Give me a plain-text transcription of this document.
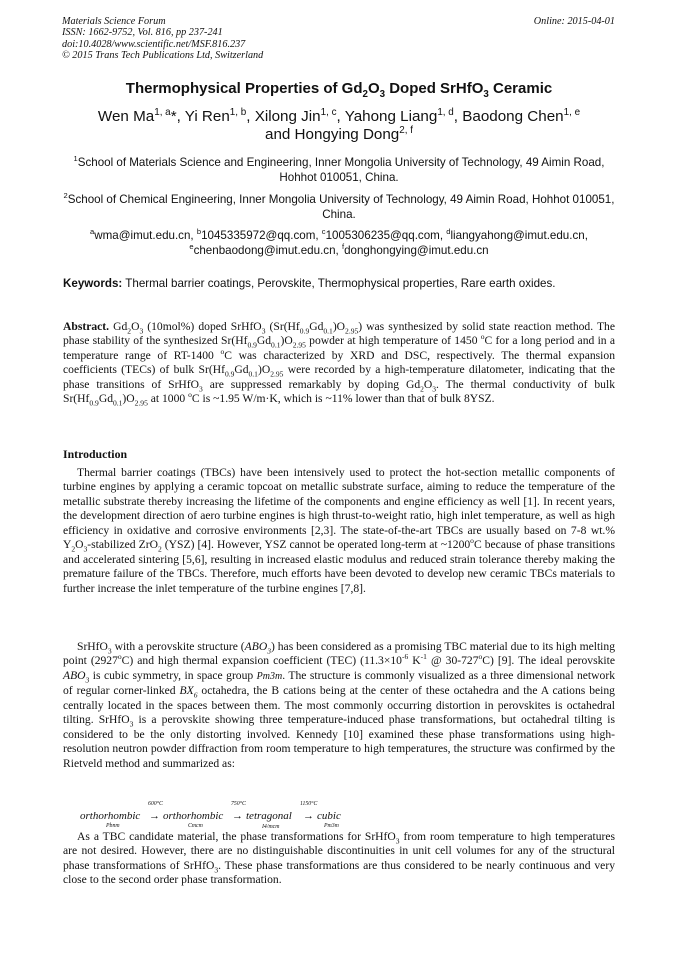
Materials Science Forum
ISSN: 1662-9752, Vol. 816, pp 237-241
doi:10.4028/www.scientific.net/MSF.816.237
© 2015 Trans Tech Publications Ltd, Switzerland
Online: 2015-04-01
Thermophysical Properties of $Gd_2O_3$ Doped SrHfO$_3$ Ceramic
Wen Ma$^{1, a}$*, Yi Ren$^{1, b}$, Xilong Jin$^{1, c}$, Yahong Liang$^{1, d}$, Baodong Chen$^{1, e}$
and Hongying Dong$^{2, f}$
$^1$School of Materials Science and Engineering, Inner Mongolia University of Technology, 49 Aimin Road, Hohhot 010051, China.
$^2$School of Chemical Engineering, Inner Mongolia University of Technology, 49 Aimin Road, Hohhot 010051, China.
$^a$wma@imut.edu.cn, $^b$1045335972@qq.com, $^c$1005306235@qq.com, $^d$liangyahong@imut.edu.cn,
$^e$chenbaodong@imut.edu.cn, $^f$donghongying@imut.edu.cn
Keywords: Thermal barrier coatings, Perovskite, Thermophysical properties, Rare earth oxides.

Abstract. $Gd_2O_3$ (10mol%) doped SrHfO$_3$ $(Sr(Hf_{0.9}Gd_{0.1})O_{2.95})$ was synthesized by solid state reaction method. The phase stability of the synthesized $Sr(Hf_{0.9}Gd_{0.1})O_{2.95}$ powder at high temperature of 1450 $^o$C for a long period and in a temperature range of RT-1400 $^o$C was characterized by XRD and DSC, respectively. The thermal expansion coefficients (TECs) of bulk $Sr(Hf_{0.9}Gd_{0.1})O_{2.95}$ were recorded by a high-temperature dilatometer, indicating that the phase transitions of SrHfO$_3$ are suppressed remarkably by doping $Gd_2O_3$. The thermal conductivity of bulk $Sr(Hf_{0.9}Gd_{0.1})O_{2.95}$ at 1000 $^o$C is ~1.95 W/m·K, which is ~11% lower than that of bulk 8YSZ.

Introduction

Thermal barrier coatings (TBCs) have been intensively used to protect the hot-section metallic components of turbine engines by applying a ceramic topcoat on metallic substrate surface, aiming to reduce the temperature of the metallic substrate thereby increasing the lifetime of the components and engine efficiency as well [1]. In recent years, the development direction of aero turbine engines is high thrust-to-weight ratio, high inlet temperature, as well as high efficiency in oxidative and corrosive environments [2,3]. The state-of-the-art TBCs are usually based on 7-8 wt.% $Y_2O_3$-stabilized ZrO$_2$ (YSZ) [4]. However, YSZ cannot be operated long-term at ~1200$^o$C because of phase transitions and accelerated sintering [5,6], resulting in increased elastic modulus and reduced strain tolerance thereby making the premature failure of the TBCs. Therefore, much efforts have been devoted to develop new ceramic TBCs materials to further increase the inlet temperature of the turbine engines [7,8].

SrHfO$_3$ with a perovskite structure $(ABO_3)$ has been considered as a promising TBC material due to its high melting point (2927$^o$C) and high thermal expansion coefficient (TEC) ($11.3\times 10^{-6}$ $K^{-1}$ @ 30-727$^o$C) [9]. The ideal perovskite $ABO_3$ is cubic symmetry, in space group Pm3m. The structure is commonly visualized as a three dimensional network of regular corner-linked $BX_6$ octahedra, the B cations being at the center of these octahedra and the A cations being centrally located in the spaces between them. The most commonly occurring distortion in perovskites is octahedral tilting. SrHfO$_3$ is a perovskite showing three temperature-induced phase transformations, but octahedral tilting is considered to be the only distorting involved. Kennedy [10] examined these phase transformations using high-resolution neutron powder diffraction from room temperature to high temperatures, the structure was confirmed by the Rietveld method and summarized as:

orthorhombic → orthorhombic → tetragonal → cubic
600°C	750°C	1150°C
Pbnm	Cmcm	I4/mcm	Pm3m

As a TBC candidate material, the phase transformations for SrHfO$_3$ from room temperature to high temperatures are not desired. However, there are no distinguishable discontinuities in unit cell volumes for any of the structural phase transformations of SrHfO$_3$. These phase transformations are thus considered to be nearly continuous and very close to the second order phase transformation.
